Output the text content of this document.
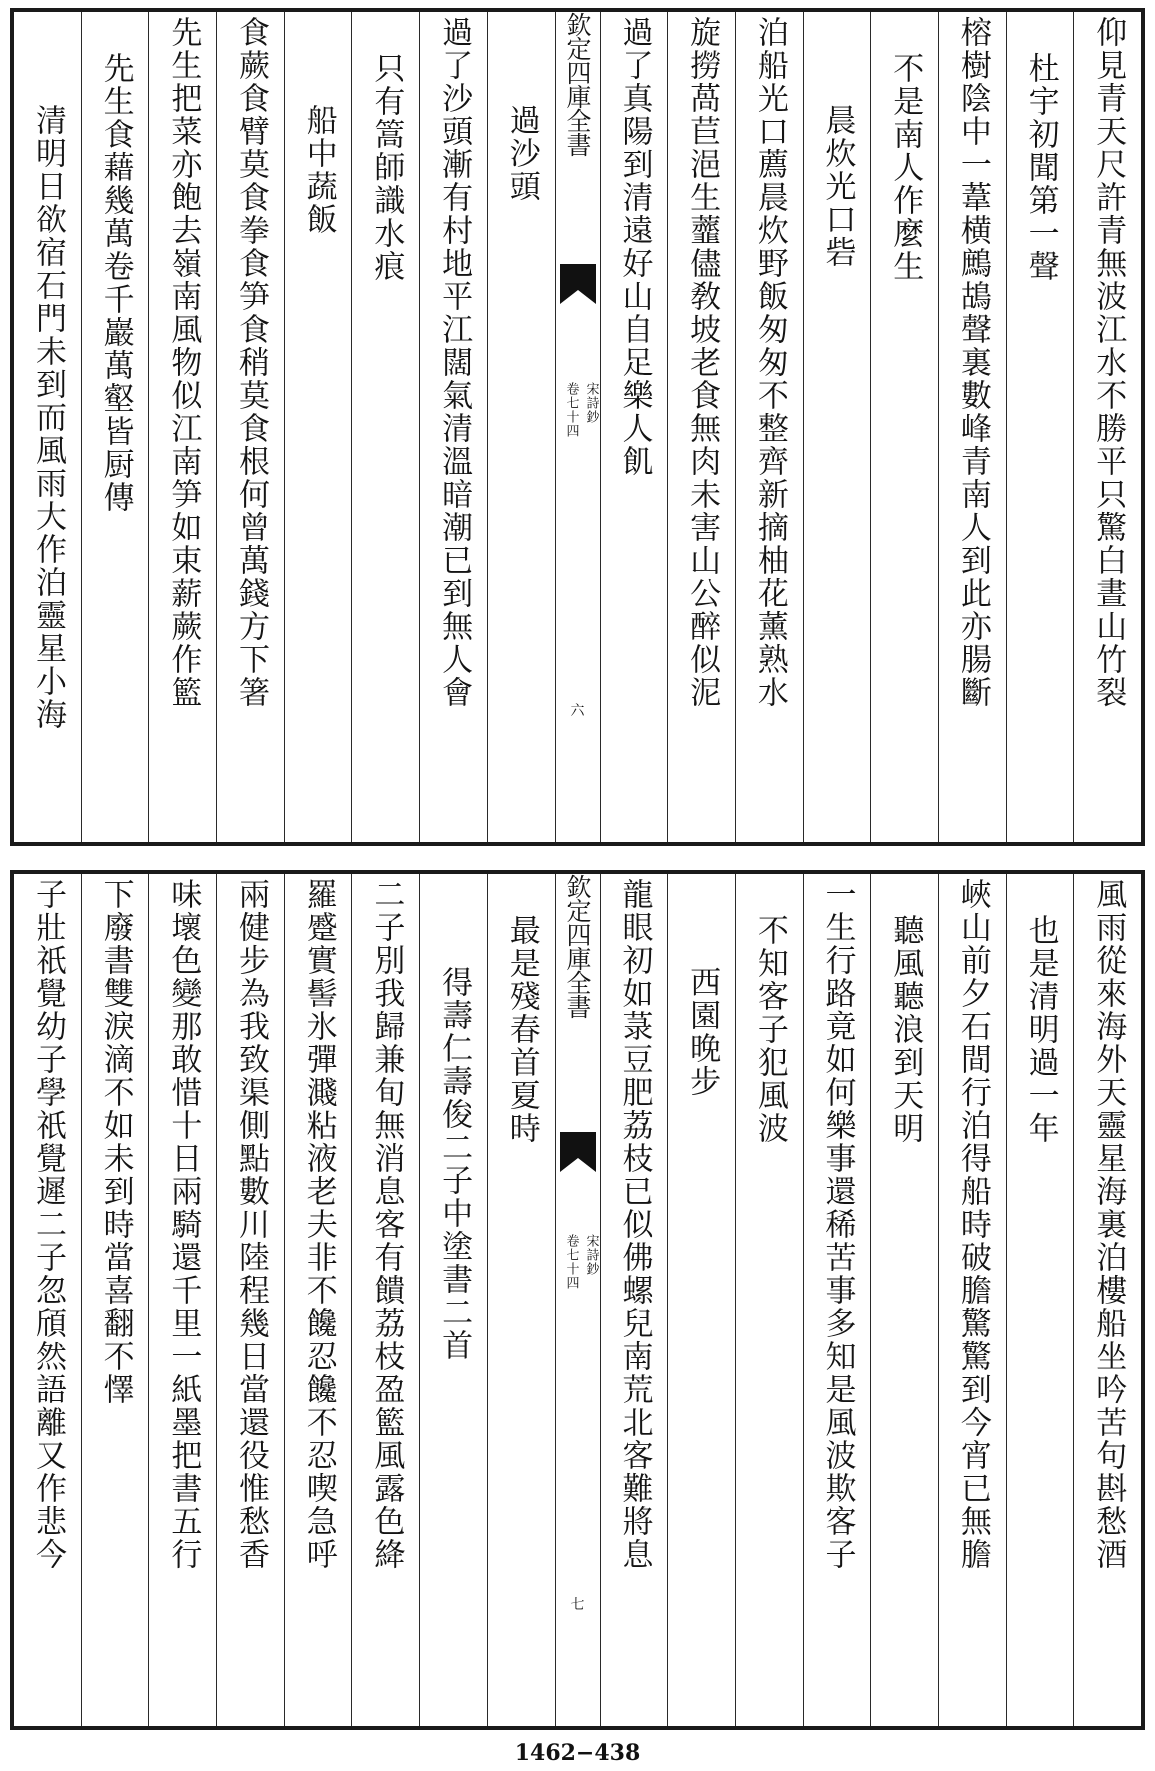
仰見青天尺許青無波江水不勝平只驚白晝山竹裂
杜宇初聞第一聲
榕樹陰中一葦横鷓鴣聲裏數峰青南人到此亦腸斷
不是南人作麼生
晨炊光口砦
泊船光口薦晨炊野飯匆匆不整齊新摘柚花薰熟水
旋撈萵苣浥生虀儘敎坡老食無肉未害山公醉似泥
過了真陽到清遠好山自足樂人飢
欽定四庫全書
宋詩鈔
卷七十四
六
過沙頭
過了沙頭漸有村地平江闊氣清溫暗潮已到無人會
只有篙師識水痕
船中蔬飯
食蕨食臂莫食拳食笋食稍莫食根何曾萬錢方下箸
先生把菜亦飽去嶺南風物似江南笋如束薪蕨作籃
先生食藉幾萬卷千巖萬壑皆厨傳
清明日欲宿石門未到而風雨大作泊靈星小海
風雨從來海外天靈星海裏泊樓船坐吟苦句斟愁酒
也是清明過一年
峽山前夕石間行泊得船時破膽驚驚到今宵已無膽
聽風聽浪到天明
一生行路竟如何樂事還稀苦事多知是風波欺客子
不知客子犯風波
西園晚步
龍眼初如菉豆肥荔枝已似佛螺兒南荒北客難將息
欽定四庫全書
宋詩鈔
卷七十四
七
最是殘春首夏時
得壽仁壽俊二子中塗書二首
二子別我歸兼旬無消息客有饋荔枝盈籃風露色絳
羅蹙實髻氷彈濺粘液老夫非不饞忍饞不忍喫急呼
兩健步為我致渠側點數川陸程幾日當還役惟愁香
味壞色變那敢惜十日兩騎還千里一紙墨把書五行
下廢書雙淚滴不如未到時當喜翻不懌
子壯祇覺幼子學祇覺遲二子忽頎然語離又作悲今
1462−438
